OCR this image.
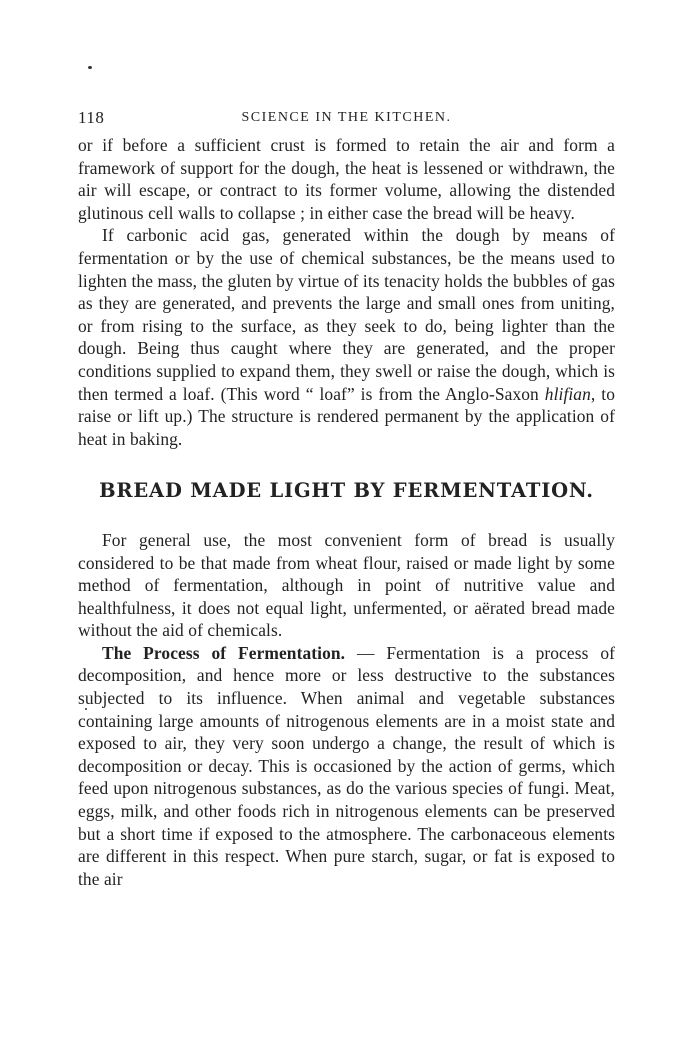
118	SCIENCE IN THE KITCHEN.

or if before a sufficient crust is formed to retain the air and form a framework of support for the dough, the heat is lessened or withdrawn, the air will escape, or contract to its former volume, allowing the distended glutinous cell walls to collapse ; in either case the bread will be heavy.

If carbonic acid gas, generated within the dough by means of fermentation or by the use of chemical substances, be the means used to lighten the mass, the gluten by virtue of its tenacity holds the bubbles of gas as they are generated, and prevents the large and small ones from uniting, or from rising to the surface, as they seek to do, being lighter than the dough. Being thus caught where they are generated, and the proper conditions supplied to expand them, they swell or raise the dough, which is then termed a loaf. (This word “ loaf” is from the Anglo-Saxon hlifian, to raise or lift up.) The structure is rendered permanent by the application of heat in baking.

BREAD MADE LIGHT BY FERMENTATION.

For general use, the most convenient form of bread is usually considered to be that made from wheat flour, raised or made light by some method of fermentation, although in point of nutritive value and healthfulness, it does not equal light, unfermented, or aërated bread made without the aid of chemicals.

The Process of Fermentation. — Fermentation is a process of decomposition, and hence more or less destructive to the substances subjected to its influence. When animal and vegetable substances containing large amounts of nitrogenous elements are in a moist state and exposed to air, they very soon undergo a change, the result of which is decomposition or decay. This is occasioned by the action of germs, which feed upon nitrogenous substances, as do the various species of fungi. Meat, eggs, milk, and other foods rich in nitrogenous elements can be preserved but a short time if exposed to the atmosphere. The carbonaceous elements are different in this respect. When pure starch, sugar, or fat is exposed to the air
